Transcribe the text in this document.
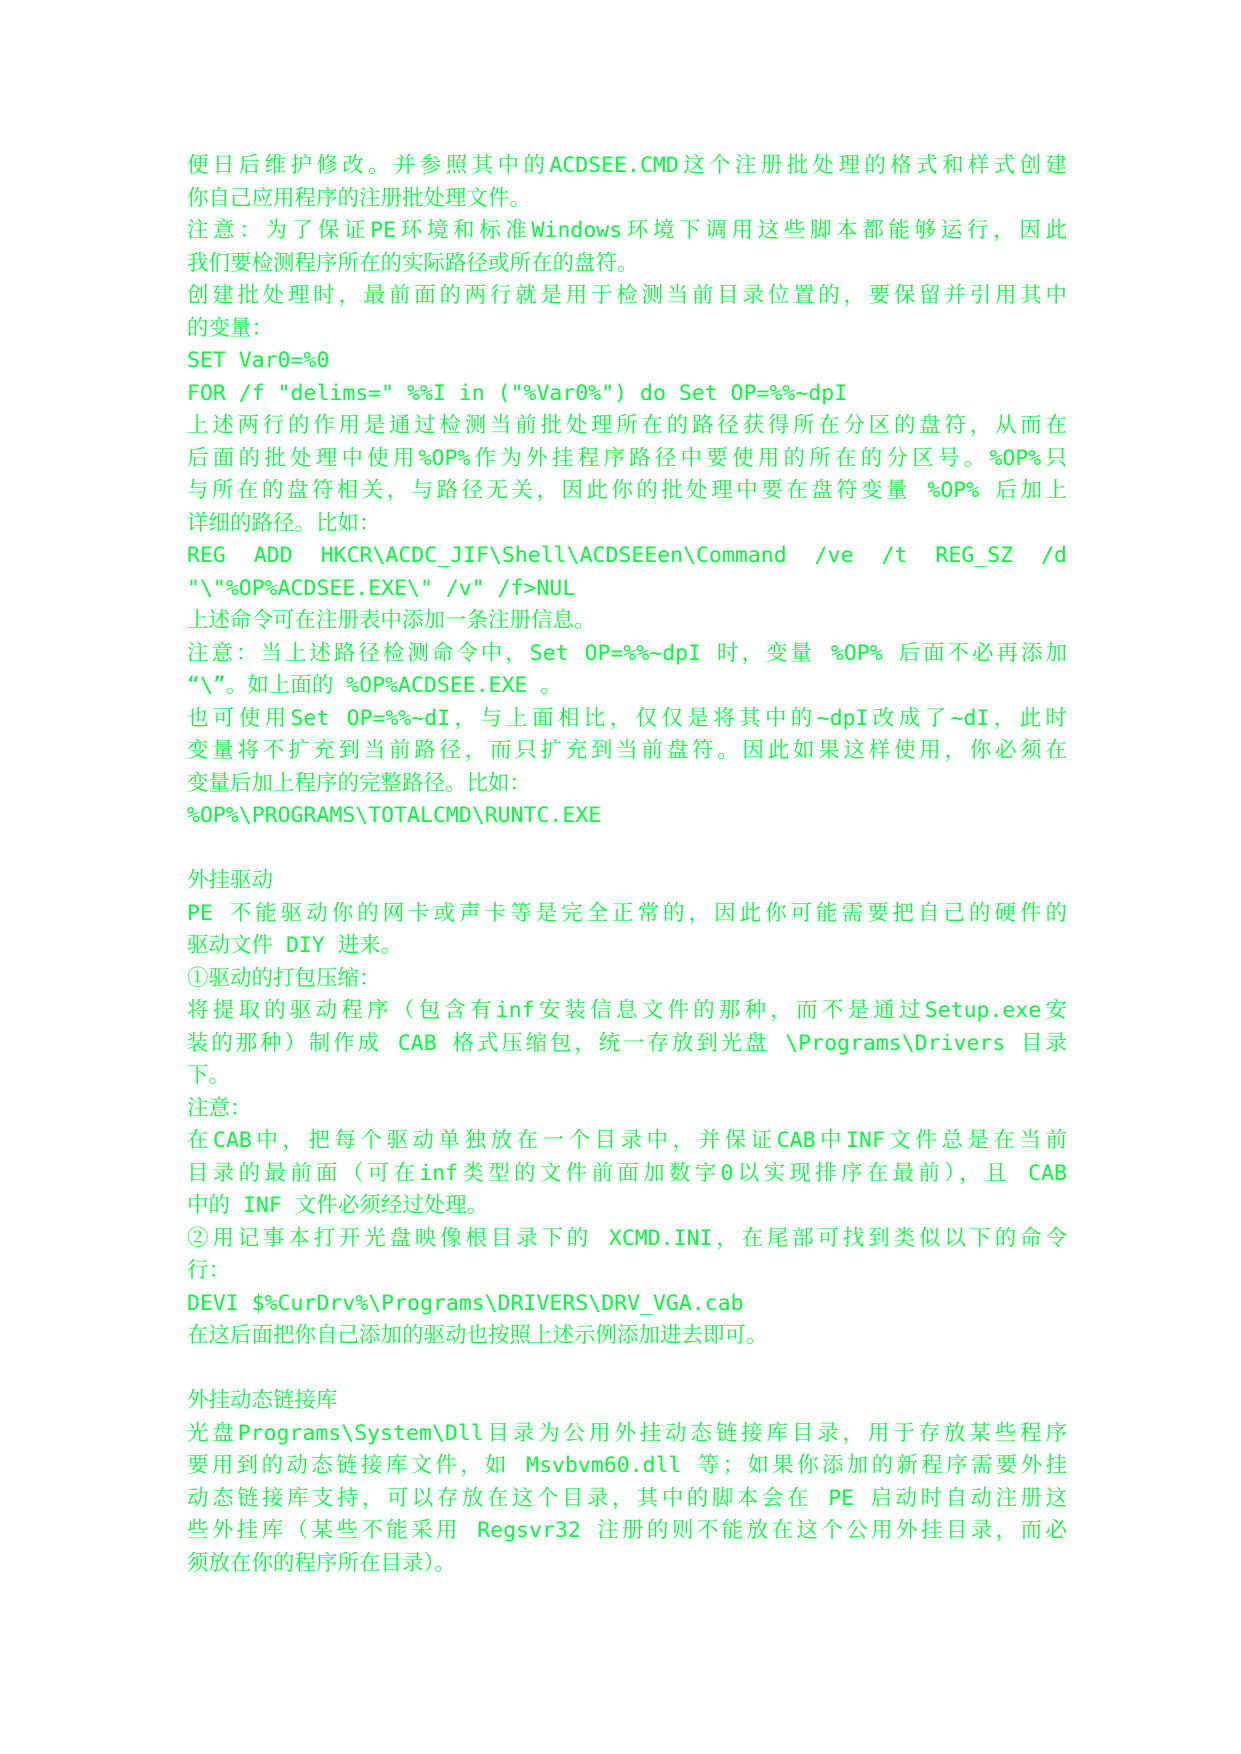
便日后维护修改。并参照其中的ACDSEE.CMD这个注册批处理的格式和样式创建
你自己应用程序的注册批处理文件。
注意：为了保证PE环境和标准Windows环境下调用这些脚本都能够运行，因此
我们要检测程序所在的实际路径或所在的盘符。
创建批处理时，最前面的两行就是用于检测当前目录位置的，要保留并引用其中
的变量：
SET Var0=%0
FOR /f "delims=" %%I in ("%Var0%") do Set OP=%%~dpI
上述两行的作用是通过检测当前批处理所在的路径获得所在分区的盘符，从而在
后面的批处理中使用%OP%作为外挂程序路径中要使用的所在的分区号。%OP%只
与所在的盘符相关，与路径无关，因此你的批处理中要在盘符变量 %OP% 后加上
详细的路径。比如：
REG ADD HKCR\ACDC_JIF\Shell\ACDSEEen\Command /ve /t REG_SZ /d
"\"%OP%ACDSEE.EXE\" /v" /f>NUL
上述命令可在注册表中添加一条注册信息。
注意：当上述路径检测命令中，Set OP=%%~dpI 时，变量 %OP% 后面不必再添加
“\”。如上面的 %OP%ACDSEE.EXE 。
也可使用Set OP=%%~dI，与上面相比，仅仅是将其中的~dpI改成了~dI，此时
变量将不扩充到当前路径，而只扩充到当前盘符。因此如果这样使用，你必须在
变量后加上程序的完整路径。比如：
%OP%\PROGRAMS\TOTALCMD\RUNTC.EXE
外挂驱动
PE 不能驱动你的网卡或声卡等是完全正常的，因此你可能需要把自己的硬件的
驱动文件 DIY 进来。
①驱动的打包压缩：
将提取的驱动程序（包含有inf安装信息文件的那种，而不是通过Setup.exe安
装的那种）制作成 CAB 格式压缩包，统一存放到光盘 \Programs\Drivers 目录
下。
注意：
在CAB中，把每个驱动单独放在一个目录中，并保证CAB中INF文件总是在当前
目录的最前面（可在inf类型的文件前面加数字0以实现排序在最前），且 CAB
中的 INF 文件必须经过处理。
②用记事本打开光盘映像根目录下的 XCMD.INI，在尾部可找到类似以下的命令
行：
DEVI $%CurDrv%\Programs\DRIVERS\DRV_VGA.cab
在这后面把你自己添加的驱动也按照上述示例添加进去即可。
外挂动态链接库
光盘Programs\System\Dll目录为公用外挂动态链接库目录，用于存放某些程序
要用到的动态链接库文件，如 Msvbvm60.dll 等；如果你添加的新程序需要外挂
动态链接库支持，可以存放在这个目录，其中的脚本会在 PE 启动时自动注册这
些外挂库（某些不能采用 Regsvr32 注册的则不能放在这个公用外挂目录，而必
须放在你的程序所在目录）。
